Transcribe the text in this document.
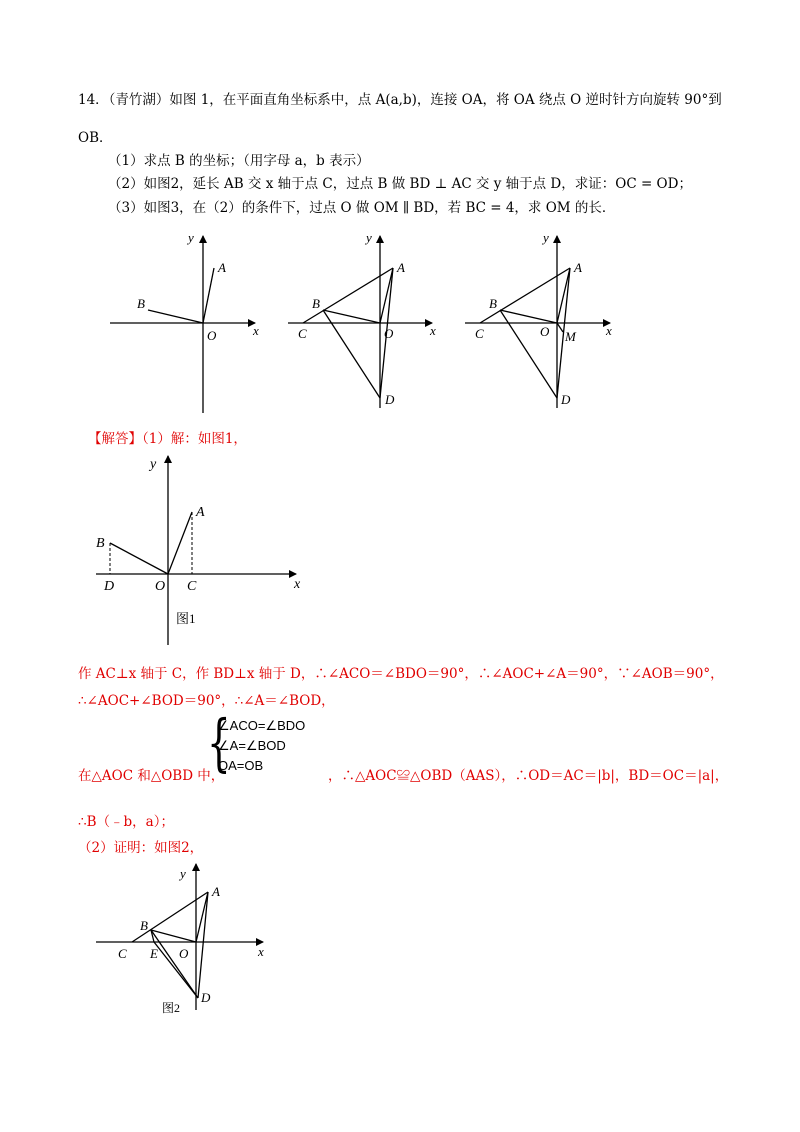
14．（青竹湖）如图 1，在平面直角坐标系中，点 A(a,b)，连接 OA，将 OA 绕点 O 逆时针方向旋转 90°到
OB．
（1）求点 B 的坐标；（用字母 a，b 表示）
（2）如图2，延长 AB 交 x 轴于点 C，过点 B 做 BD ⊥ AC 交 y 轴于点 D，求证：OC = OD；
（3）如图3，在（2）的条件下，过点 O 做 OM ∥ BD，若 BC = 4，求 OM 的长．
y
A
B
O	x
y
A
B
C	O
D
x
y
A
B
C	O M
D
x
【解答】（1）解：如图1，
y
A
B
D	O C	x
图1
作 AC⊥x 轴于 C，作 BD⊥x 轴于 D，∴∠ACO＝∠BDO＝90°，∴∠AOC+∠A＝90°，∵∠AOB＝90°，
∴∠AOC+∠BOD＝90°，∴∠A＝∠BOD，
{
∠ACO=∠BDO
∠A=∠BOD
OA=OB
在△AOC 和△OBD 中，	，∴△AOC≌△OBD（AAS），∴OD＝AC＝|b|，BD＝OC＝|a|，
∴B（﹣b，a）；
（2）证明：如图2，
y
A
B
C E O
D
x
图2
